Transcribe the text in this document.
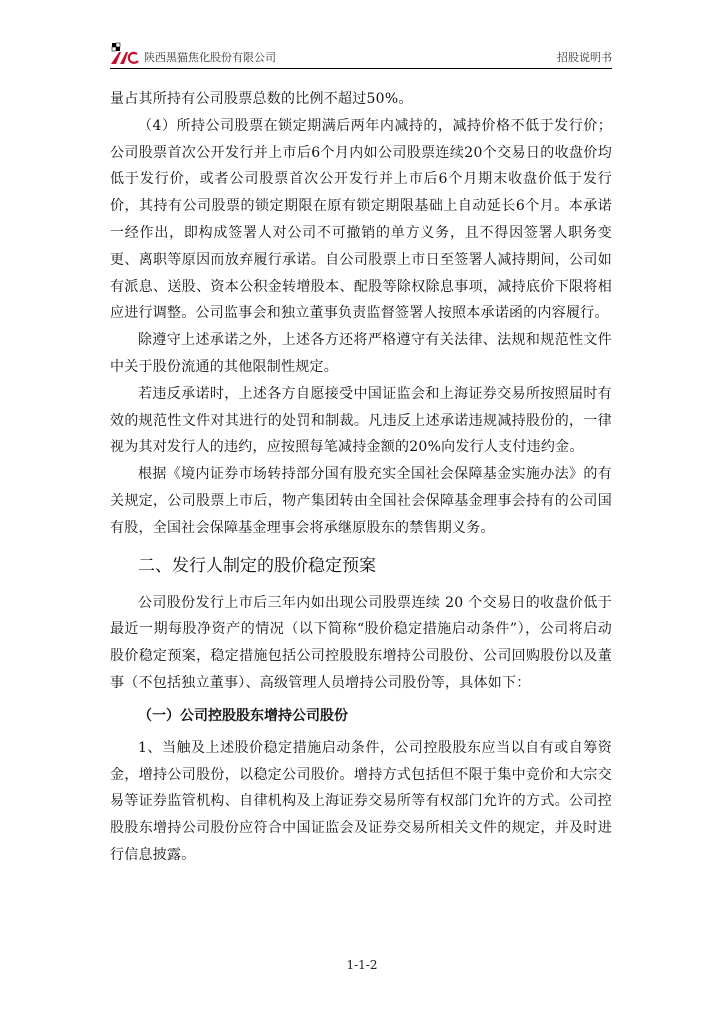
陕西黑猫焦化股份有限公司	招股说明书

量占其所持有公司股票总数的比例不超过50%。

（4）所持公司股票在锁定期满后两年内减持的，减持价格不低于发行价；公司股票首次公开发行并上市后6个月内如公司股票连续20个交易日的收盘价均低于发行价，或者公司股票首次公开发行并上市后6个月期末收盘价低于发行价，其持有公司股票的锁定期限在原有锁定期限基础上自动延长6个月。本承诺一经作出，即构成签署人对公司不可撤销的单方义务，且不得因签署人职务变更、离职等原因而放弃履行承诺。自公司股票上市日至签署人减持期间，公司如有派息、送股、资本公积金转增股本、配股等除权除息事项，减持底价下限将相应进行调整。公司监事会和独立董事负责监督签署人按照本承诺函的内容履行。

除遵守上述承诺之外，上述各方还将严格遵守有关法律、法规和规范性文件中关于股份流通的其他限制性规定。

若违反承诺时，上述各方自愿接受中国证监会和上海证券交易所按照届时有效的规范性文件对其进行的处罚和制裁。凡违反上述承诺违规减持股份的，一律视为其对发行人的违约，应按照每笔减持金额的20%向发行人支付违约金。

根据《境内证券市场转持部分国有股充实全国社会保障基金实施办法》的有关规定，公司股票上市后，物产集团转由全国社会保障基金理事会持有的公司国有股，全国社会保障基金理事会将承继原股东的禁售期义务。

二、发行人制定的股价稳定预案

公司股份发行上市后三年内如出现公司股票连续 20 个交易日的收盘价低于最近一期每股净资产的情况（以下简称“股价稳定措施启动条件”），公司将启动股价稳定预案，稳定措施包括公司控股股东增持公司股份、公司回购股份以及董事（不包括独立董事）、高级管理人员增持公司股份等，具体如下：

（一）公司控股股东增持公司股份

1、当触及上述股价稳定措施启动条件，公司控股股东应当以自有或自筹资金，增持公司股份，以稳定公司股价。增持方式包括但不限于集中竞价和大宗交易等证券监管机构、自律机构及上海证券交易所等有权部门允许的方式。公司控股股东增持公司股份应符合中国证监会及证券交易所相关文件的规定，并及时进行信息披露。

1-1-2
